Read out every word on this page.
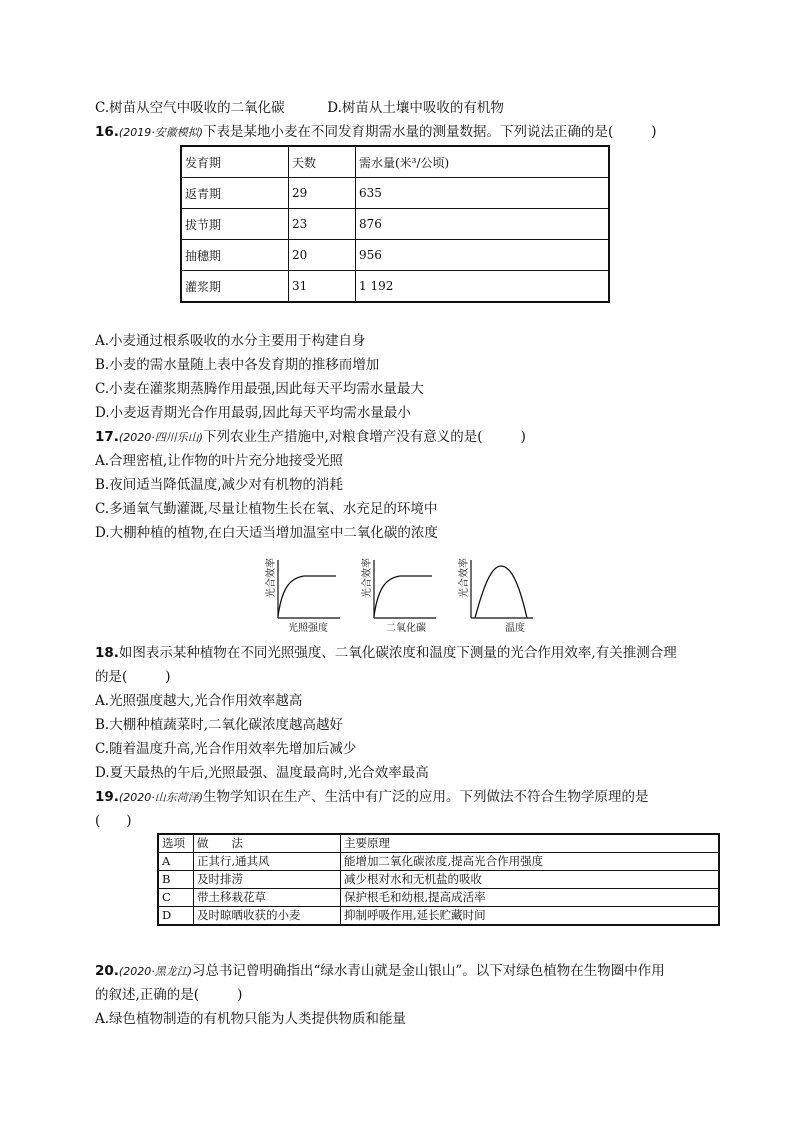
C.树苗从空气中吸收的二氧化碳	D.树苗从土壤中吸收的有机物
16.(2019·安徽模拟)下表是某地小麦在不同发育期需水量的测量数据。下列说法正确的是(	)
发育期	天数	需水量(米³/公顷)
返青期	29	635
拔节期	23	876
抽穗期	20	956
灌浆期	31	1 192
A.小麦通过根系吸收的水分主要用于构建自身
B.小麦的需水量随上表中各发育期的推移而增加
C.小麦在灌浆期蒸腾作用最强,因此每天平均需水量最大
D.小麦返青期光合作用最弱,因此每天平均需水量最小
17.(2020·四川乐山)下列农业生产措施中,对粮食增产没有意义的是(	)
A.合理密植,让作物的叶片充分地接受光照
B.夜间适当降低温度,减少对有机物的消耗
C.多通氧气勤灌溉,尽量让植物生长在氧、水充足的环境中
D.大棚种植的植物,在白天适当增加温室中二氧化碳的浓度
光合效率
光照强度
光合效率
二氧化碳
光合效率
温度
18.如图表示某种植物在不同光照强度、二氧化碳浓度和温度下测量的光合作用效率,有关推测合理
的是(	)
A.光照强度越大,光合作用效率越高
B.大棚种植蔬菜时,二氧化碳浓度越高越好
C.随着温度升高,光合作用效率先增加后减少
D.夏天最热的午后,光照最强、温度最高时,光合效率最高
19.(2020·山东菏泽)生物学知识在生产、生活中有广泛的应用。下列做法不符合生物学原理的是
( )
选项	做　　法	主要原理
A	正其行,通其风	能增加二氧化碳浓度,提高光合作用强度
B	及时排涝	减少根对水和无机盐的吸收
C	带土移栽花草	保护根毛和幼根,提高成活率
D	及时晾晒收获的小麦	抑制呼吸作用,延长贮藏时间
20.(2020·黑龙江)习总书记曾明确指出“绿水青山就是金山银山”。以下对绿色植物在生物圈中作用
的叙述,正确的是(	)
A.绿色植物制造的有机物只能为人类提供物质和能量
